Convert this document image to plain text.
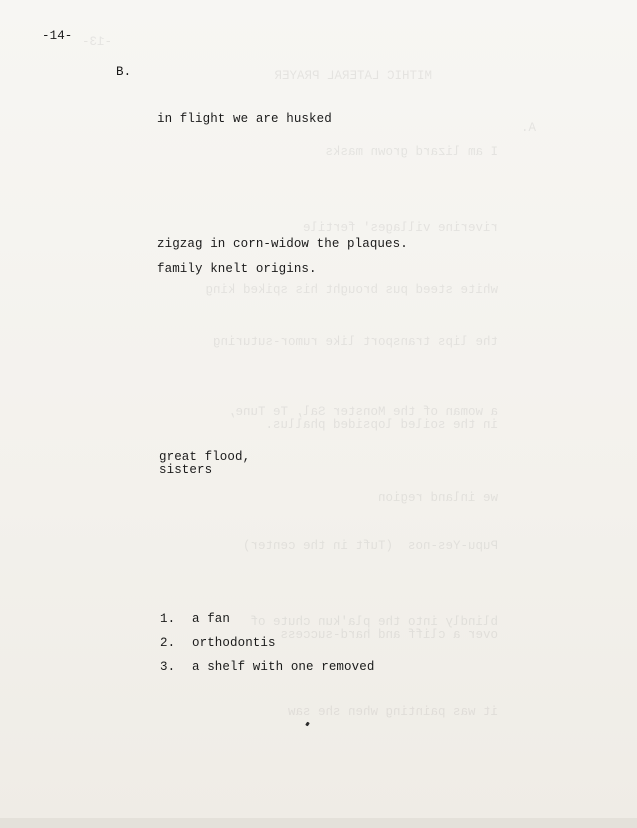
-13-
MITHIC LATERAL PRAYER
A.
I am lizard grown masks
riverine villages' fertile
white steed pus brought his spiked king
the lips transport like rumor-suturing
a woman of the Monster Sal, Te Tune,
in the soiled lopsided phallus.
we inland region
Pupu-Yes-nos  (Tuft in the center)
blindly into the pla'kun chute of
over a cliff and hard-success
it was painting when she saw
-14-
B.
in flight we are husked
zigzag in corn-widow the plaques.
family knelt origins.
great flood,
sisters
1. a fan
2. orthodontis
3. a shelf with one removed
